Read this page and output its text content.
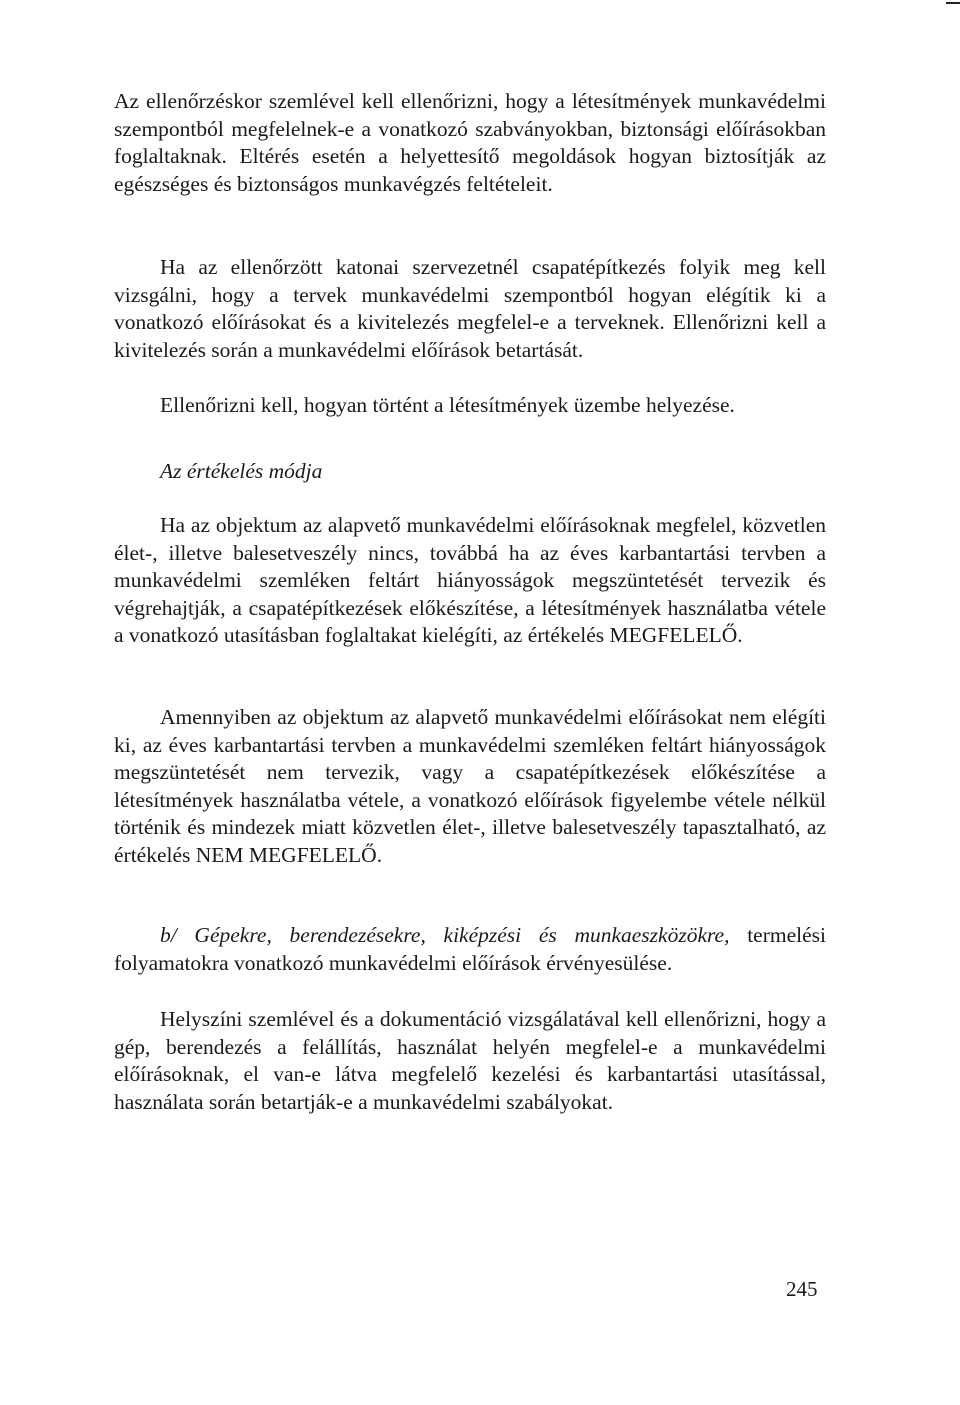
Az ellenőrzéskor szemlével kell ellenőrizni, hogy a létesítmények munkavédelmi szempontból megfelelnek-e a vonatkozó szabványokban, biztonsági előírásokban foglaltaknak. Eltérés esetén a helyettesítő megoldások hogyan biztosítják az egészséges és biztonságos munkavégzés feltételeit.

Ha az ellenőrzött katonai szervezetnél csapatépítkezés folyik meg kell vizsgálni, hogy a tervek munkavédelmi szempontból hogyan elégítik ki a vonatkozó előírásokat és a kivitelezés megfelel-e a terveknek. Ellenőrizni kell a kivitelezés során a munkavédelmi előírások betartását.

Ellenőrizni kell, hogyan történt a létesítmények üzembe helyezése.

Az értékelés módja

Ha az objektum az alapvető munkavédelmi előírásoknak megfelel, közvetlen élet-, illetve balesetveszély nincs, továbbá ha az éves karbantartási tervben a munkavédelmi szemléken feltárt hiányosságok megszüntetését tervezik és végrehajtják, a csapatépítkezések előkészítése, a létesítmények használatba vétele a vonatkozó utasításban foglaltakat kielégíti, az értékelés MEGFELELŐ.

Amennyiben az objektum az alapvető munkavédelmi előírásokat nem elégíti ki, az éves karbantartási tervben a munkavédelmi szemléken feltárt hiányosságok megszüntetését nem tervezik, vagy a csapatépítkezések előkészítése a létesítmények használatba vétele, a vonatkozó előírások figyelembe vétele nélkül történik és mindezek miatt közvetlen élet-, illetve balesetveszély tapasztalható, az értékelés NEM MEGFELELŐ.

b/ Gépekre, berendezésekre, kiképzési és munkaeszközökre, termelési folyamatokra vonatkozó munkavédelmi előírások érvényesülése.

Helyszíni szemlével és a dokumentáció vizsgálatával kell ellenőrizni, hogy a gép, berendezés a felállítás, használat helyén megfelel-e a munkavédelmi előírásoknak, el van-e látva megfelelő kezelési és karbantartási utasítással, használata során betartják-e a munkavédelmi szabályokat.

245
